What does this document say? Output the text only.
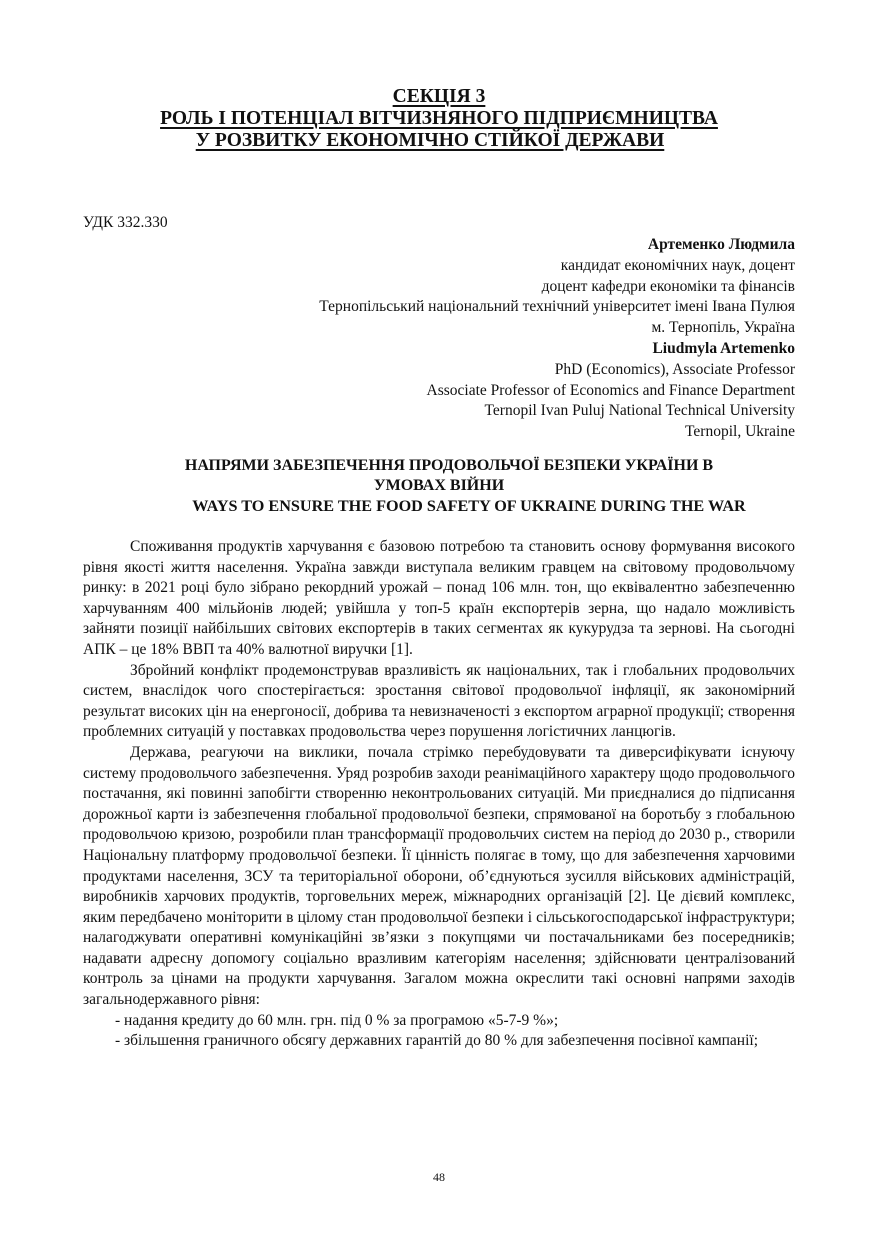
СЕКЦІЯ 3
РОЛЬ І ПОТЕНЦІАЛ ВІТЧИЗНЯНОГО ПІДПРИЄМНИЦТВА
У РОЗВИТКУ ЕКОНОМІЧНО СТІЙКОЇ ДЕРЖАВИ
УДК 332.330
Артеменко Людмила
кандидат економічних наук, доцент
доцент кафедри економіки та фінансів
Тернопільський національний технічний університет імені Івана Пулюя
м. Тернопіль, Україна
Liudmyla Artemenko
PhD (Economics), Associate Professor
Associate Professor of Economics and Finance Department
Ternopil Ivan Puluj National Technical University
Ternopil, Ukraine
НАПРЯМИ ЗАБЕЗПЕЧЕННЯ ПРОДОВОЛЬЧОЇ БЕЗПЕКИ УКРАЇНИ В
УМОВАХ ВІЙНИ
WAYS TO ENSURE THE FOOD SAFETY OF UKRAINE DURING THE WAR

Споживання продуктів харчування є базовою потребою та становить основу формування високого рівня якості життя населення. Україна завжди виступала великим гравцем на світовому продовольчому ринку: в 2021 році було зібрано рекордний урожай – понад 106 млн. тон, що еквівалентно забезпеченню харчуванням 400 мільйонів людей; увійшла у топ-5 країн експортерів зерна, що надало можливість зайняти позиції найбільших світових експортерів в таких сегментах як кукурудза та зернові. На сьогодні АПК – це 18% ВВП та 40% валютної виручки [1].

Збройний конфлікт продемонстрував вразливість як національних, так і глобальних продовольчих систем, внаслідок чого спостерігається: зростання світової продовольчої інфляції, як закономірний результат високих цін на енергоносії, добрива та невизначеності з експортом аграрної продукції; створення проблемних ситуацій у поставках продовольства через порушення логістичних ланцюгів.

Держава, реагуючи на виклики, почала стрімко перебудовувати та диверсифікувати існуючу систему продовольчого забезпечення. Уряд розробив заходи реанімаційного характеру щодо продовольчого постачання, які повинні запобігти створенню неконтрольованих ситуацій. Ми приєдналися до підписання дорожньої карти із забезпечення глобальної продовольчої безпеки, спрямованої на боротьбу з глобальною продовольчою кризою, розробили план трансформації продовольчих систем на період до 2030 р., створили Національну платформу продовольчої безпеки. Її цінність полягає в тому, що для забезпечення харчовими продуктами населення, ЗСУ та територіальної оборони, об’єднуються зусилля військових адміністрацій, виробників харчових продуктів, торговельних мереж, міжнародних організацій [2]. Це дієвий комплекс, яким передбачено моніторити в цілому стан продовольчої безпеки і сільськогосподарської інфраструктури; налагоджувати оперативні комунікаційні зв’язки з покупцями чи постачальниками без посередників; надавати адресну допомогу соціально вразливим категоріям населення; здійснювати централізований контроль за цінами на продукти харчування. Загалом можна окреслити такі основні напрями заходів загальнодержавного рівня:

- надання кредиту до 60 млн. грн. під 0 % за програмою «5-7-9 %»;

- збільшення граничного обсягу державних гарантій до 80 % для забезпечення посівної кампанії;

48
